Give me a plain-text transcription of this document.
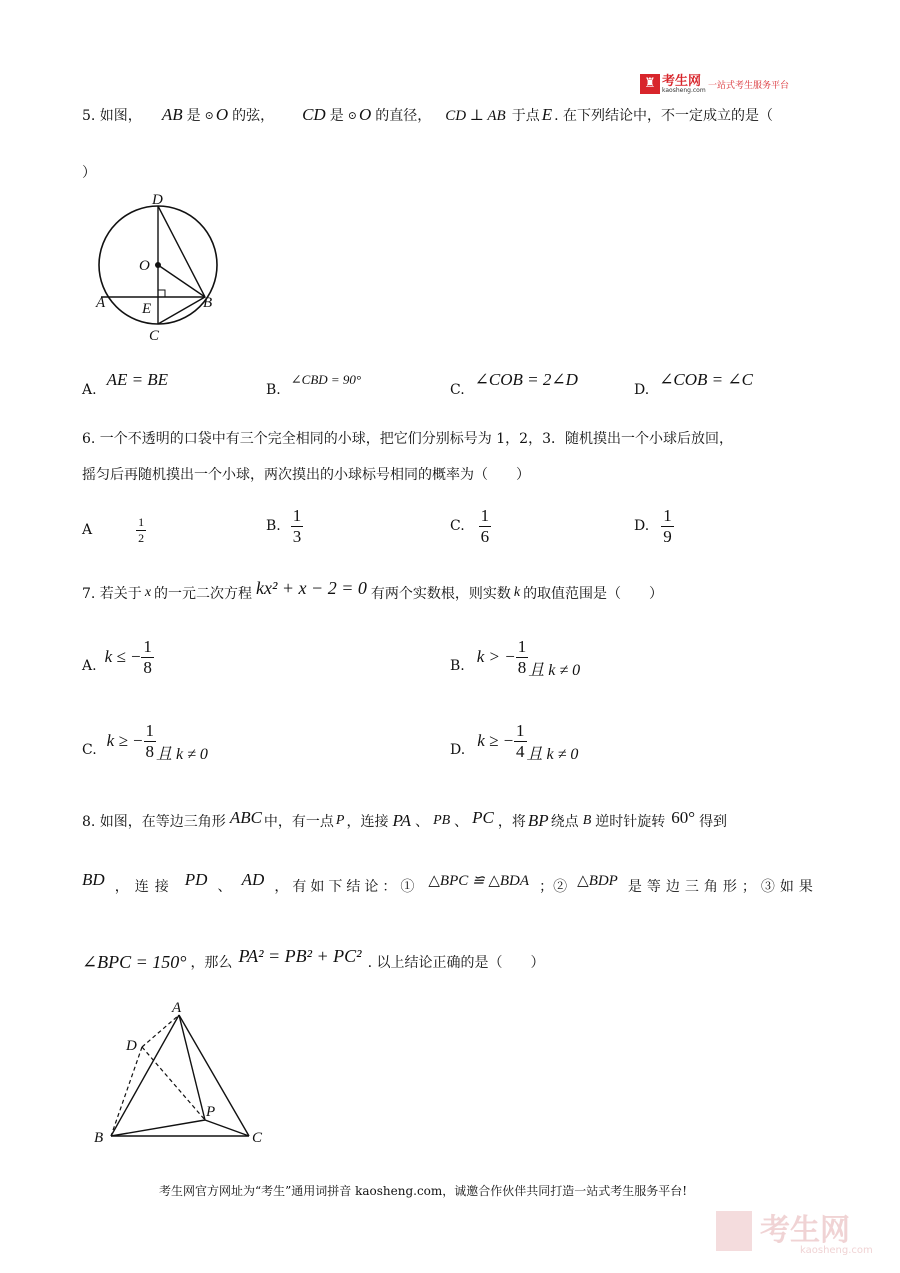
♜ 考生网
kaosheng.com 一站式考生服务平台
5. 如图， AB 是 ⊙ O 的弦， CD 是 ⊙ O 的直径， CD ⊥ AB 于点 E . 在下列结论中，不一定成立的是（
）
D
O
A E	B
C
A.
AE = BE
B.
∠CBD = 90°
C.
∠COB = 2∠D
D.
∠COB = ∠C
6. 一个不透明的口袋中有三个完全相同的小球，把它们分别标号为 1，2，3．随机摸出一个小球后放回，
摇匀后再随机摸出一个小球，两次摸出的小球标号相同的概率为（　　）
A	$\frac{1}{2}$	B. $\frac{1}{3}$	C. $\frac{1}{6}$	D. $\frac{1}{9}$
7. 若关于 x 的一元二次方程 kx² + x − 2 = 0 有两个实数根，则实数 k 的取值范围是（　　）
A. k ≤ − $\frac{1}{8}$	B. k > − $\frac{1}{8}$ 且 k ≠ 0
C. k ≥ − $\frac{1}{8}$ 且 k ≠ 0	D. k ≥ − $\frac{1}{4}$ 且 k ≠ 0
8. 如图，在等边三角形 ABC 中，有一点 P ，连接 PA 、 PB 、 PC ，将 BP 绕点 B 逆时针旋转 60° 得到
BD ，连接 PD 、 AD ，有如下结论：① △BPC ≌ △BDA ；② △BDP 是等边三角形；③如果
∠BPC = 150° ，那么 PA² = PB² + PC² . 以上结论正确的是（　　）
A
D
P
B	C
考生网官方网址为“考生”通用词拼音 kaosheng.com，诚邀合作伙伴共同打造一站式考生服务平台!
考生网
kaosheng.com
